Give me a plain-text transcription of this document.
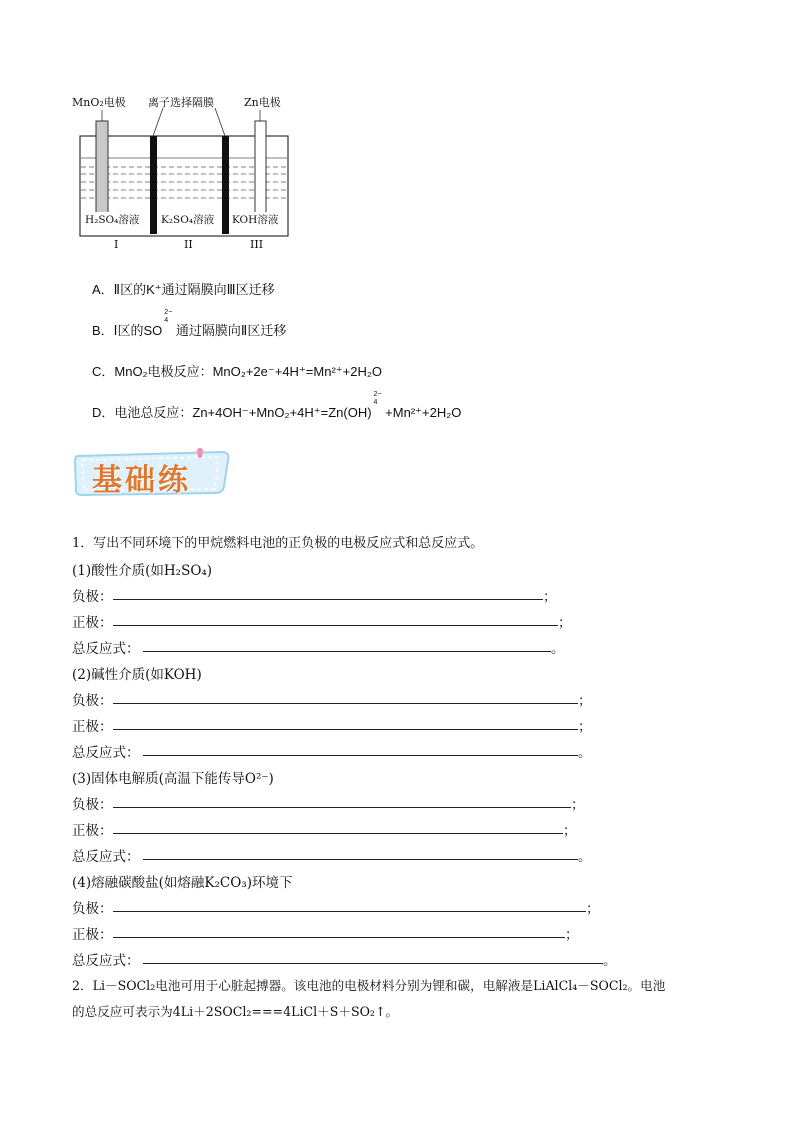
MnO₂电极 离子选择隔膜	Zn电极
H₂SO₄溶液 K₂SO₄溶液 KOH溶液
I	II	III
A．Ⅱ区的K⁺通过隔膜向Ⅲ区迁移
B．Ⅰ区的SO
2−
4
通过隔膜向Ⅱ区迁移
C．MnO₂电极反应：MnO₂+2e⁻+4H⁺=Mn²⁺+2H₂O
D．电池总反应：Zn+4OH⁻+MnO₂+4H⁺=Zn(OH)
2−
4
+Mn²⁺+2H₂O
基础练
1．写出不同环境下的甲烷燃料电池的正负极的电极反应式和总反应式。
(1)酸性介质(如H₂SO₄)
负极：	；
正极：	；
总反应式：	。
(2)碱性介质(如KOH)
负极：	；
正极：	；
总反应式：	。
(3)固体电解质(高温下能传导O²⁻)
负极：	；
正极：	；
总反应式：	。
(4)熔融碳酸盐(如熔融K₂CO₃)环境下
负极：	；
正极：	；
总反应式：	。
2．Li－SOCl₂电池可用于心脏起搏器。该电池的电极材料分别为锂和碳，电解液是LiAlCl₄－SOCl₂。电池
的总反应可表示为4Li＋2SOCl₂===4LiCl＋S＋SO₂↑。
